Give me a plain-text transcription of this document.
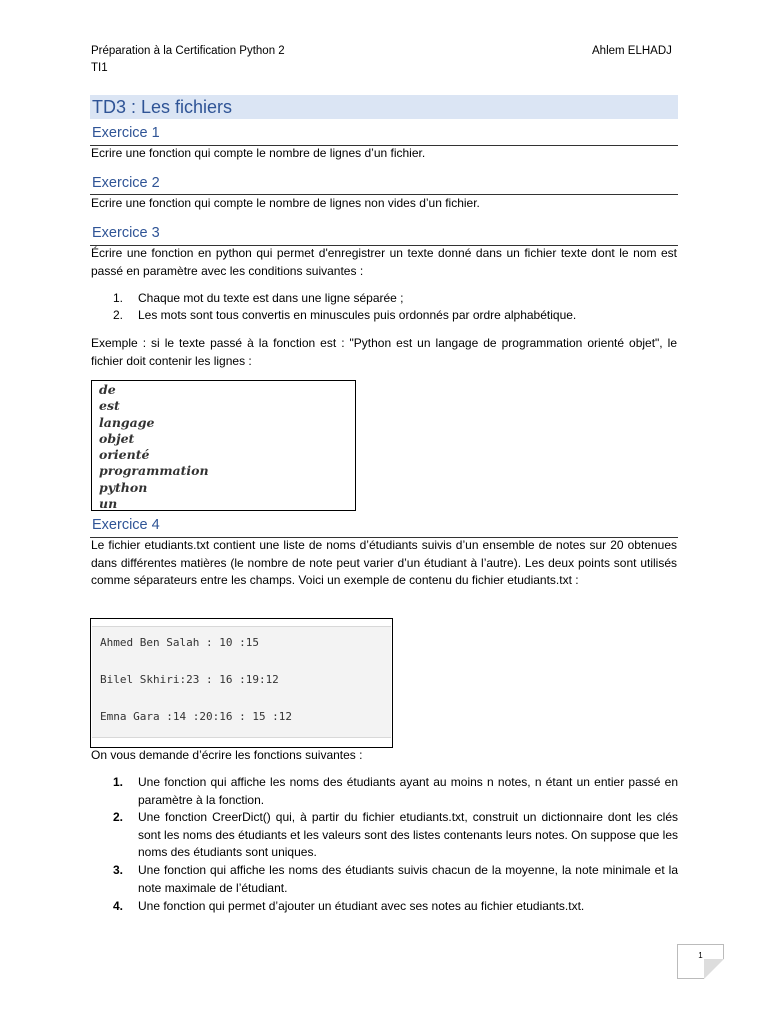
Préparation à la Certification Python 2
TI1
Ahlem ELHADJ
TD3 : Les fichiers
Exercice 1
Ecrire une fonction qui compte le nombre de lignes d’un fichier.
Exercice 2
Ecrire une fonction qui compte le nombre de lignes non vides d’un fichier.
Exercice 3
Écrire une fonction en python qui permet d'enregistrer un texte donné dans un fichier texte dont le nom est passé en paramètre avec les conditions suivantes :
1. Chaque mot du texte est dans une ligne séparée ;
2. Les mots sont tous convertis en minuscules puis ordonnés par ordre alphabétique.
Exemple : si le texte passé à la fonction est : "Python est un langage de programmation orienté objet", le fichier doit contenir les lignes :
de
est
langage
objet
orienté
programmation
python
un
Exercice 4
Le fichier etudiants.txt contient une liste de noms d’étudiants suivis d’un ensemble de notes sur 20 obtenues dans différentes matières (le nombre de note peut varier d’un étudiant à l’autre). Les deux points sont utilisés comme séparateurs entre les champs. Voici un exemple de contenu du fichier etudiants.txt :
Ahmed Ben Salah : 10 :15
Bilel Skhiri:23 : 16 :19:12
Emna Gara :14 :20:16 : 15 :12
On vous demande d’écrire les fonctions suivantes :
1. Une fonction qui affiche les noms des étudiants ayant au moins n notes, n étant un entier passé en paramètre à la fonction.
2. Une fonction CreerDict() qui, à partir du fichier etudiants.txt, construit un dictionnaire dont les clés sont les noms des étudiants et les valeurs sont des listes contenants leurs notes. On suppose que les noms des étudiants sont uniques.
3. Une fonction qui affiche les noms des étudiants suivis chacun de la moyenne, la note minimale et la note maximale de l’étudiant.
4. Une fonction qui permet d’ajouter un étudiant avec ses notes au fichier etudiants.txt.
1
